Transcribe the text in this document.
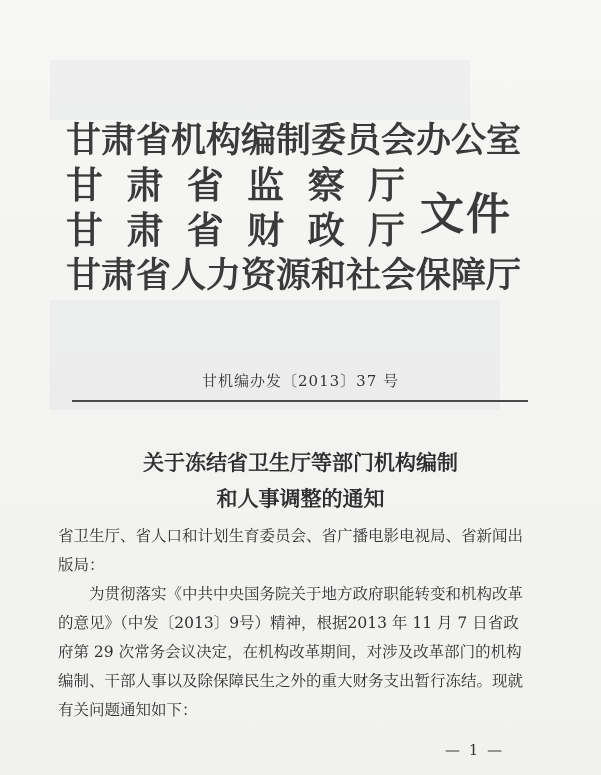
甘肃省机构编制委员会办公室
甘 肃 省 监 察 厅
甘 肃 省 财 政 厅
甘肃省人力资源和社会保障厅
文件
甘机编办发〔2013〕37 号
关于冻结省卫生厅等部门机构编制
和人事调整的通知

省卫生厅、省人口和计划生育委员会、省广播电影电视局、省新闻出版局：

为贯彻落实《中共中央国务院关于地方政府职能转变和机构改革的意见》（中发〔2013〕9号）精神，根据2013 年 11 月 7 日省政府第 29 次常务会议决定，在机构改革期间，对涉及改革部门的机构编制、干部人事以及除保障民生之外的重大财务支出暂行冻结。现就有关问题通知如下：

— 1 —
